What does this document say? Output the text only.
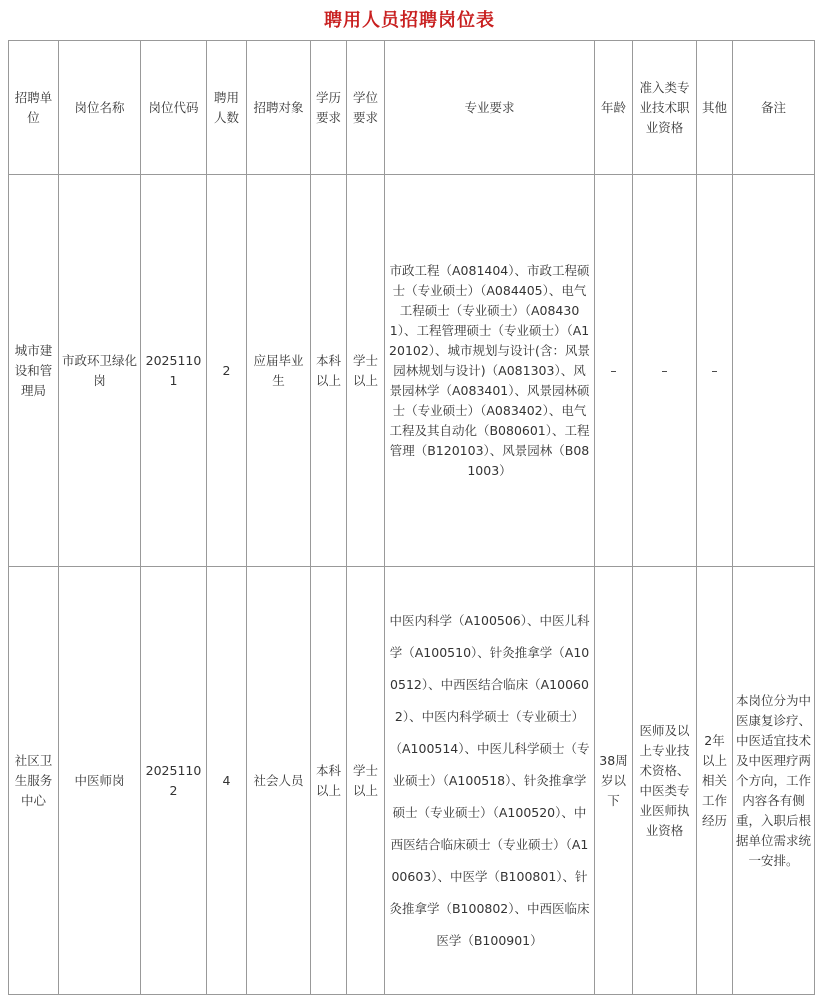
聘用人员招聘岗位表
招聘单位	岗位名称	岗位代码	聘用人数	招聘对象	学历要求	学位要求	专业要求	年龄	准入类专业技术职业资格	其他	备注
城市建设和管理局	市政环卫绿化岗	20251101	2	应届毕业生	本科以上	学士以上	市政工程（A081404）、市政工程硕士（专业硕士）（A084405）、电气工程硕士（专业硕士）（A084301）、工程管理硕士（专业硕士）（A120102）、城市规划与设计(含：风景园林规划与设计)（A081303）、风景园林学（A083401）、风景园林硕士（专业硕士）（A083402）、电气工程及其自动化（B080601）、工程管理（B120103）、风景园林（B081003）	–	–	–	
社区卫生服务中心	中医师岗	20251102	4	社会人员	本科以上	学士以上	中医内科学（A100506）、中医儿科学（A100510）、针灸推拿学（A100512）、中西医结合临床（A100602）、中医内科学硕士（专业硕士）（A100514）、中医儿科学硕士（专业硕士）（A100518）、针灸推拿学硕士（专业硕士）（A100520）、中西医结合临床硕士（专业硕士）（A100603）、中医学（B100801）、针灸推拿学（B100802）、中西医临床医学（B100901）	38周岁以下	医师及以上专业技术资格、中医类专业医师执业资格	2年以上相关工作经历	本岗位分为中医康复诊疗、中医适宜技术及中医理疗两个方向，工作内容各有侧重，入职后根据单位需求统一安排。
